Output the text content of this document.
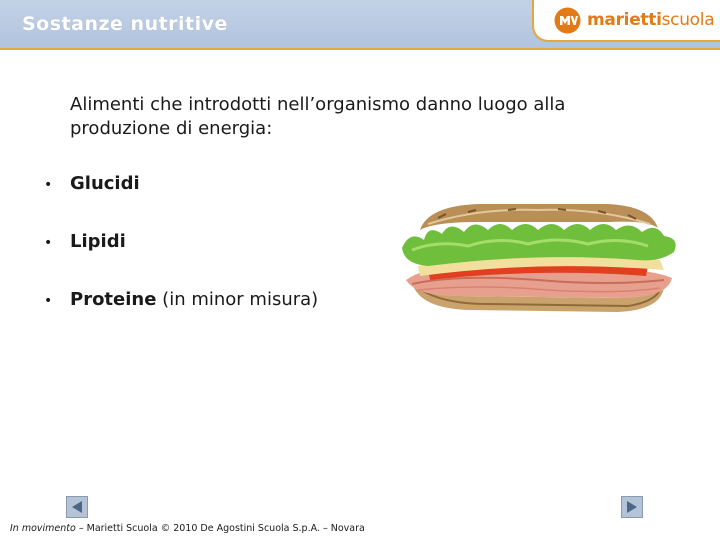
Sostanze nutritive	mariettiscuola
Alimenti che introdotti nell’organismo danno luogo alla produzione di energia:
• Glucidi
• Lipidi
• Proteine (in minor misura)
In movimento – Marietti Scuola © 2010 De Agostini Scuola S.p.A. – Novara
